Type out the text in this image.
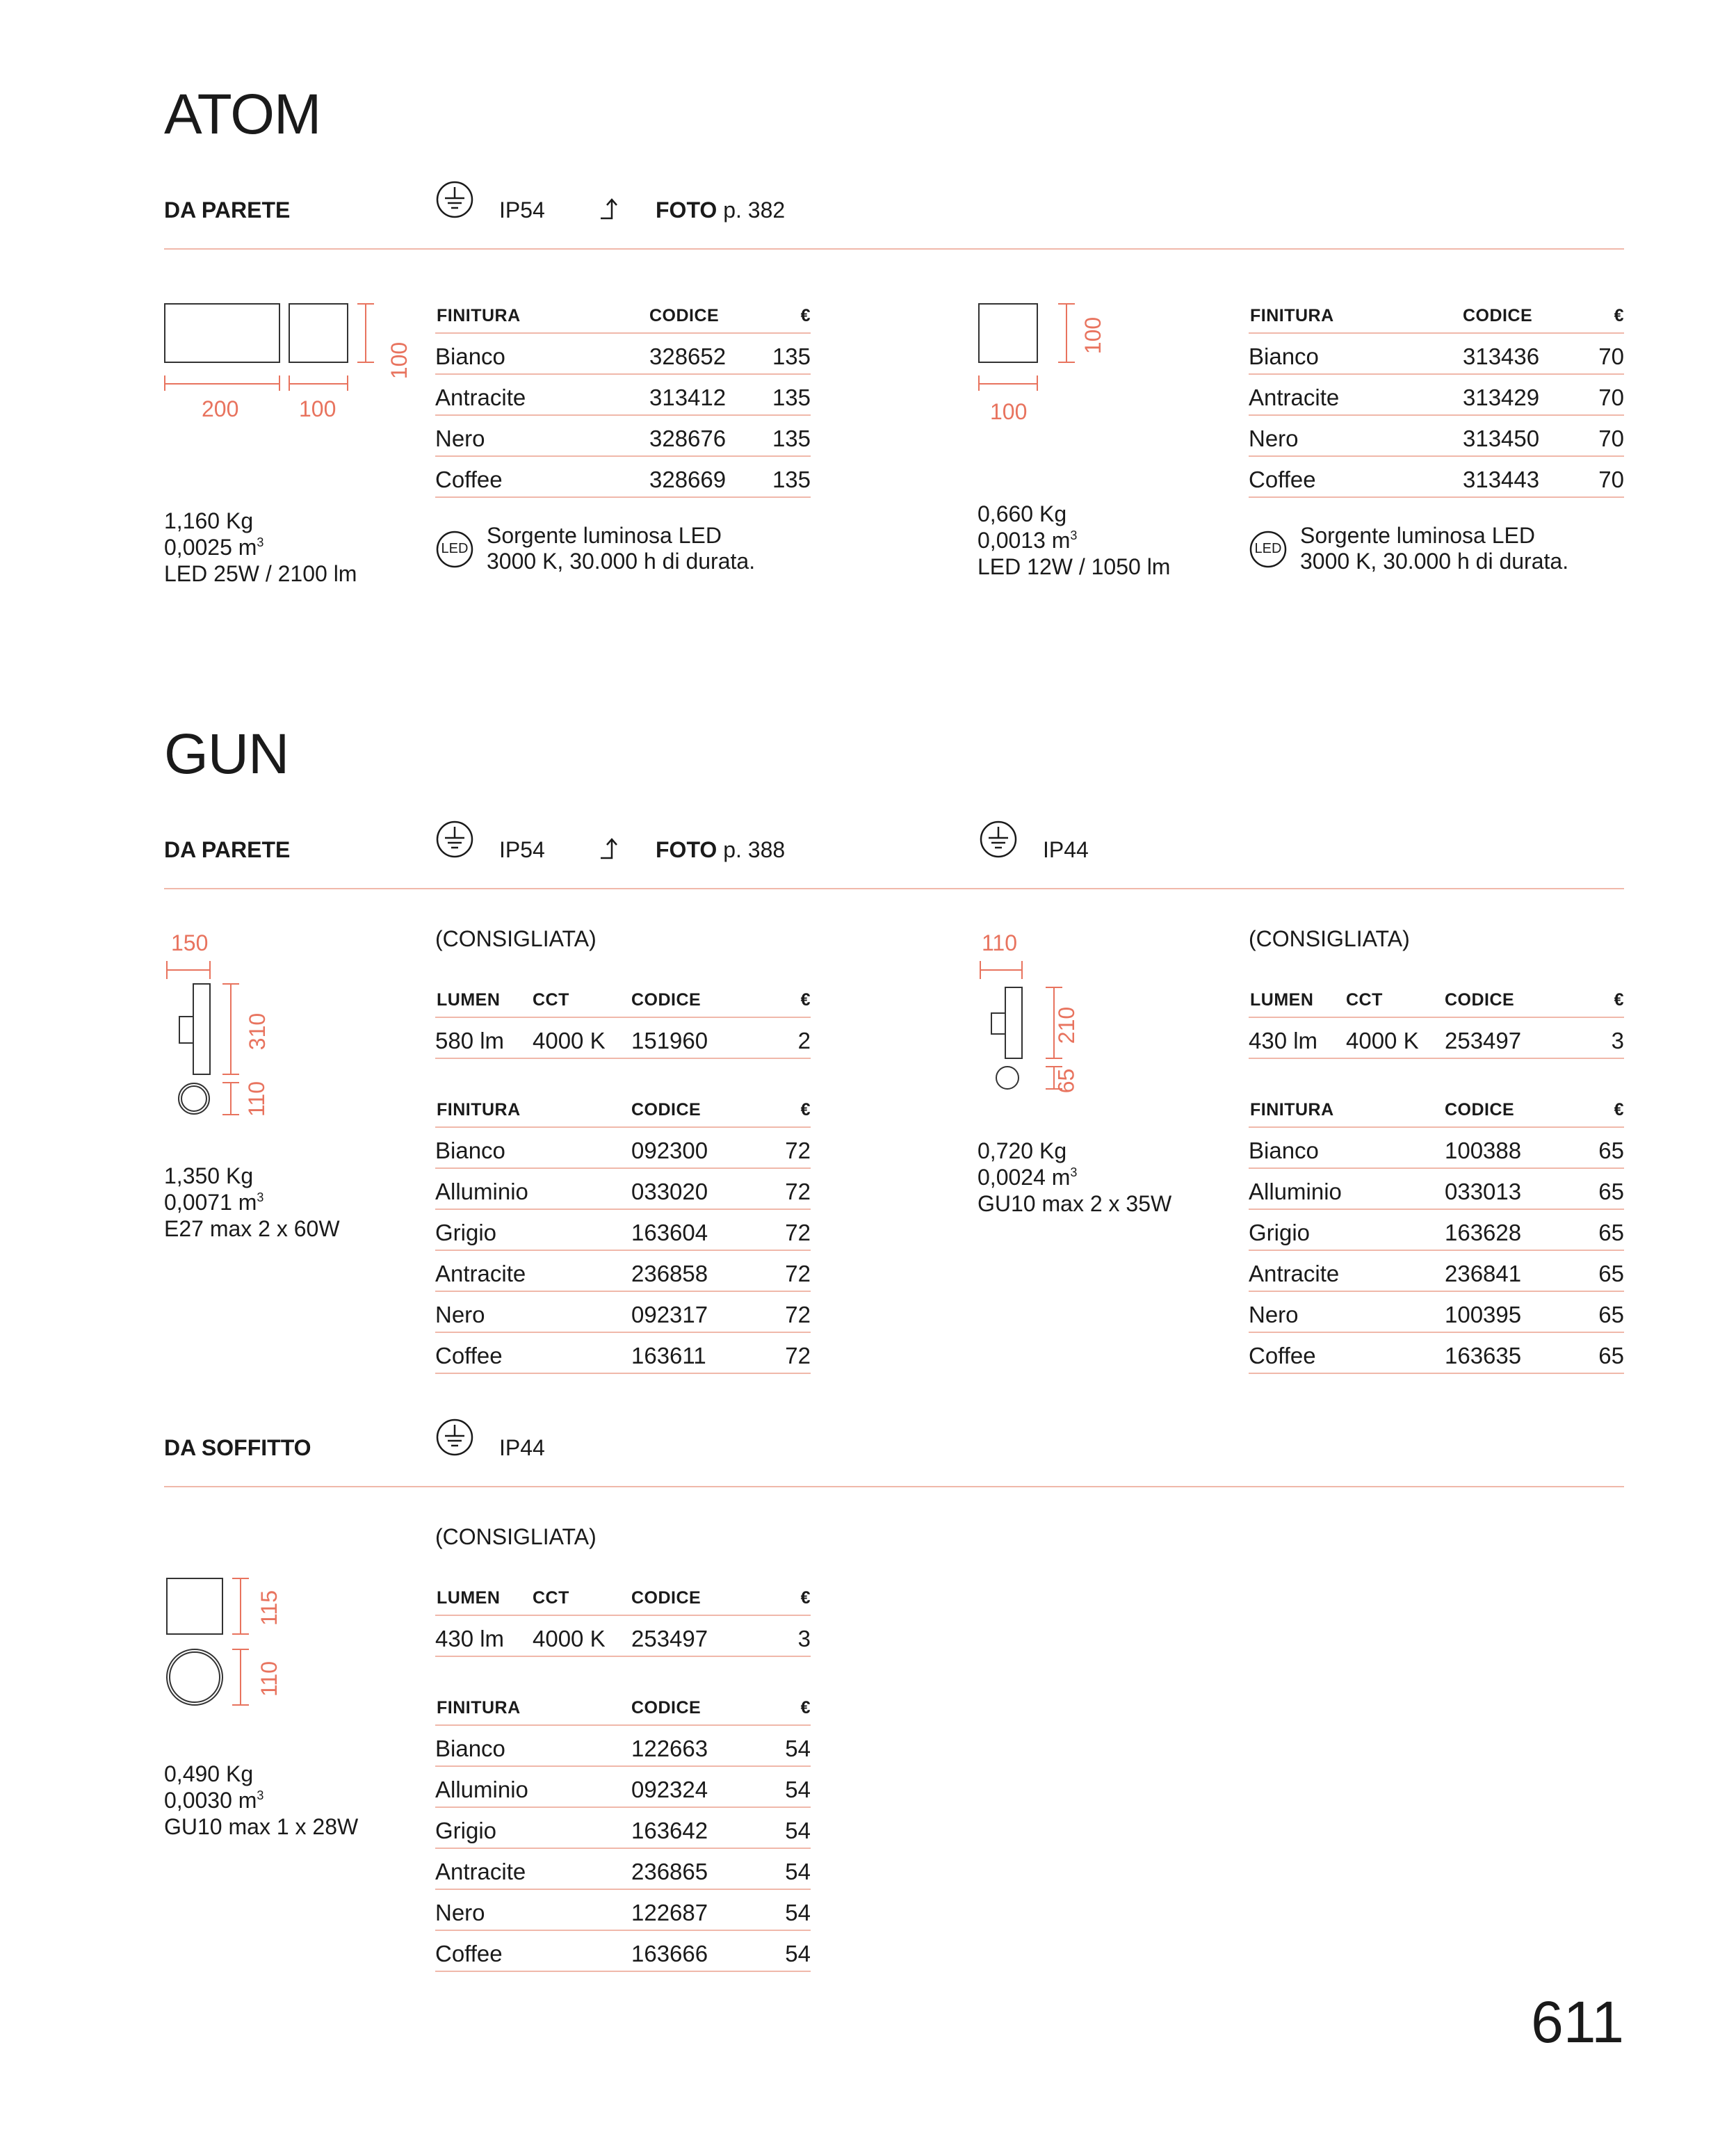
ATOM
DA PARETE	IP54	FOTO p. 382
200	100
100
1,160 Kg
0,0025 $m^3$
LED 25W / 2100 lm
FINITURA	CODICE	€
Bianco	328652 135
Antracite	313412 135
Nero	328676 135
Coffee	328669 135
LED
Sorgente luminosa LED
3000 K, 30.000 h di durata.
100
100
0,660 Kg
0,0013 $m^3$
LED 12W / 1050 lm
FINITURA	CODICE	€
Bianco	313436	70
Antracite	313429	70
Nero	313450	70
Coffee	313443	70
LED
Sorgente luminosa LED
3000 K, 30.000 h di durata.
GUN
DA PARETE	IP54	FOTO p. 388	IP44
150
310
110
1,350 Kg
0,0071 $m^3$
E27 max 2 x 60W
(CONSIGLIATA)
LUMEN CCT	CODICE	€
580 lm 4000 K 151960	2
FINITURA	CODICE	€
Bianco	092300	72
Alluminio	033020	72
Grigio	163604	72
Antracite	236858	72
Nero	092317	72
Coffee	163611	72
110
210
65
0,720 Kg
0,0024 $m^3$
GU10 max 2 x 35W
(CONSIGLIATA)
LUMEN CCT	CODICE	€
430 lm 4000 K 253497	3
FINITURA	CODICE	€
Bianco	100388	65
Alluminio	033013	65
Grigio	163628	65
Antracite	236841	65
Nero	100395	65
Coffee	163635	65
DA SOFFITTO	IP44
115
110
0,490 Kg
0,0030 $m^3$
GU10 max 1 x 28W
(CONSIGLIATA)
LUMEN CCT	CODICE	€
430 lm 4000 K 253497	3
FINITURA	CODICE	€
Bianco	122663	54
Alluminio	092324	54
Grigio	163642	54
Antracite	236865	54
Nero	122687	54
Coffee	163666	54
611
